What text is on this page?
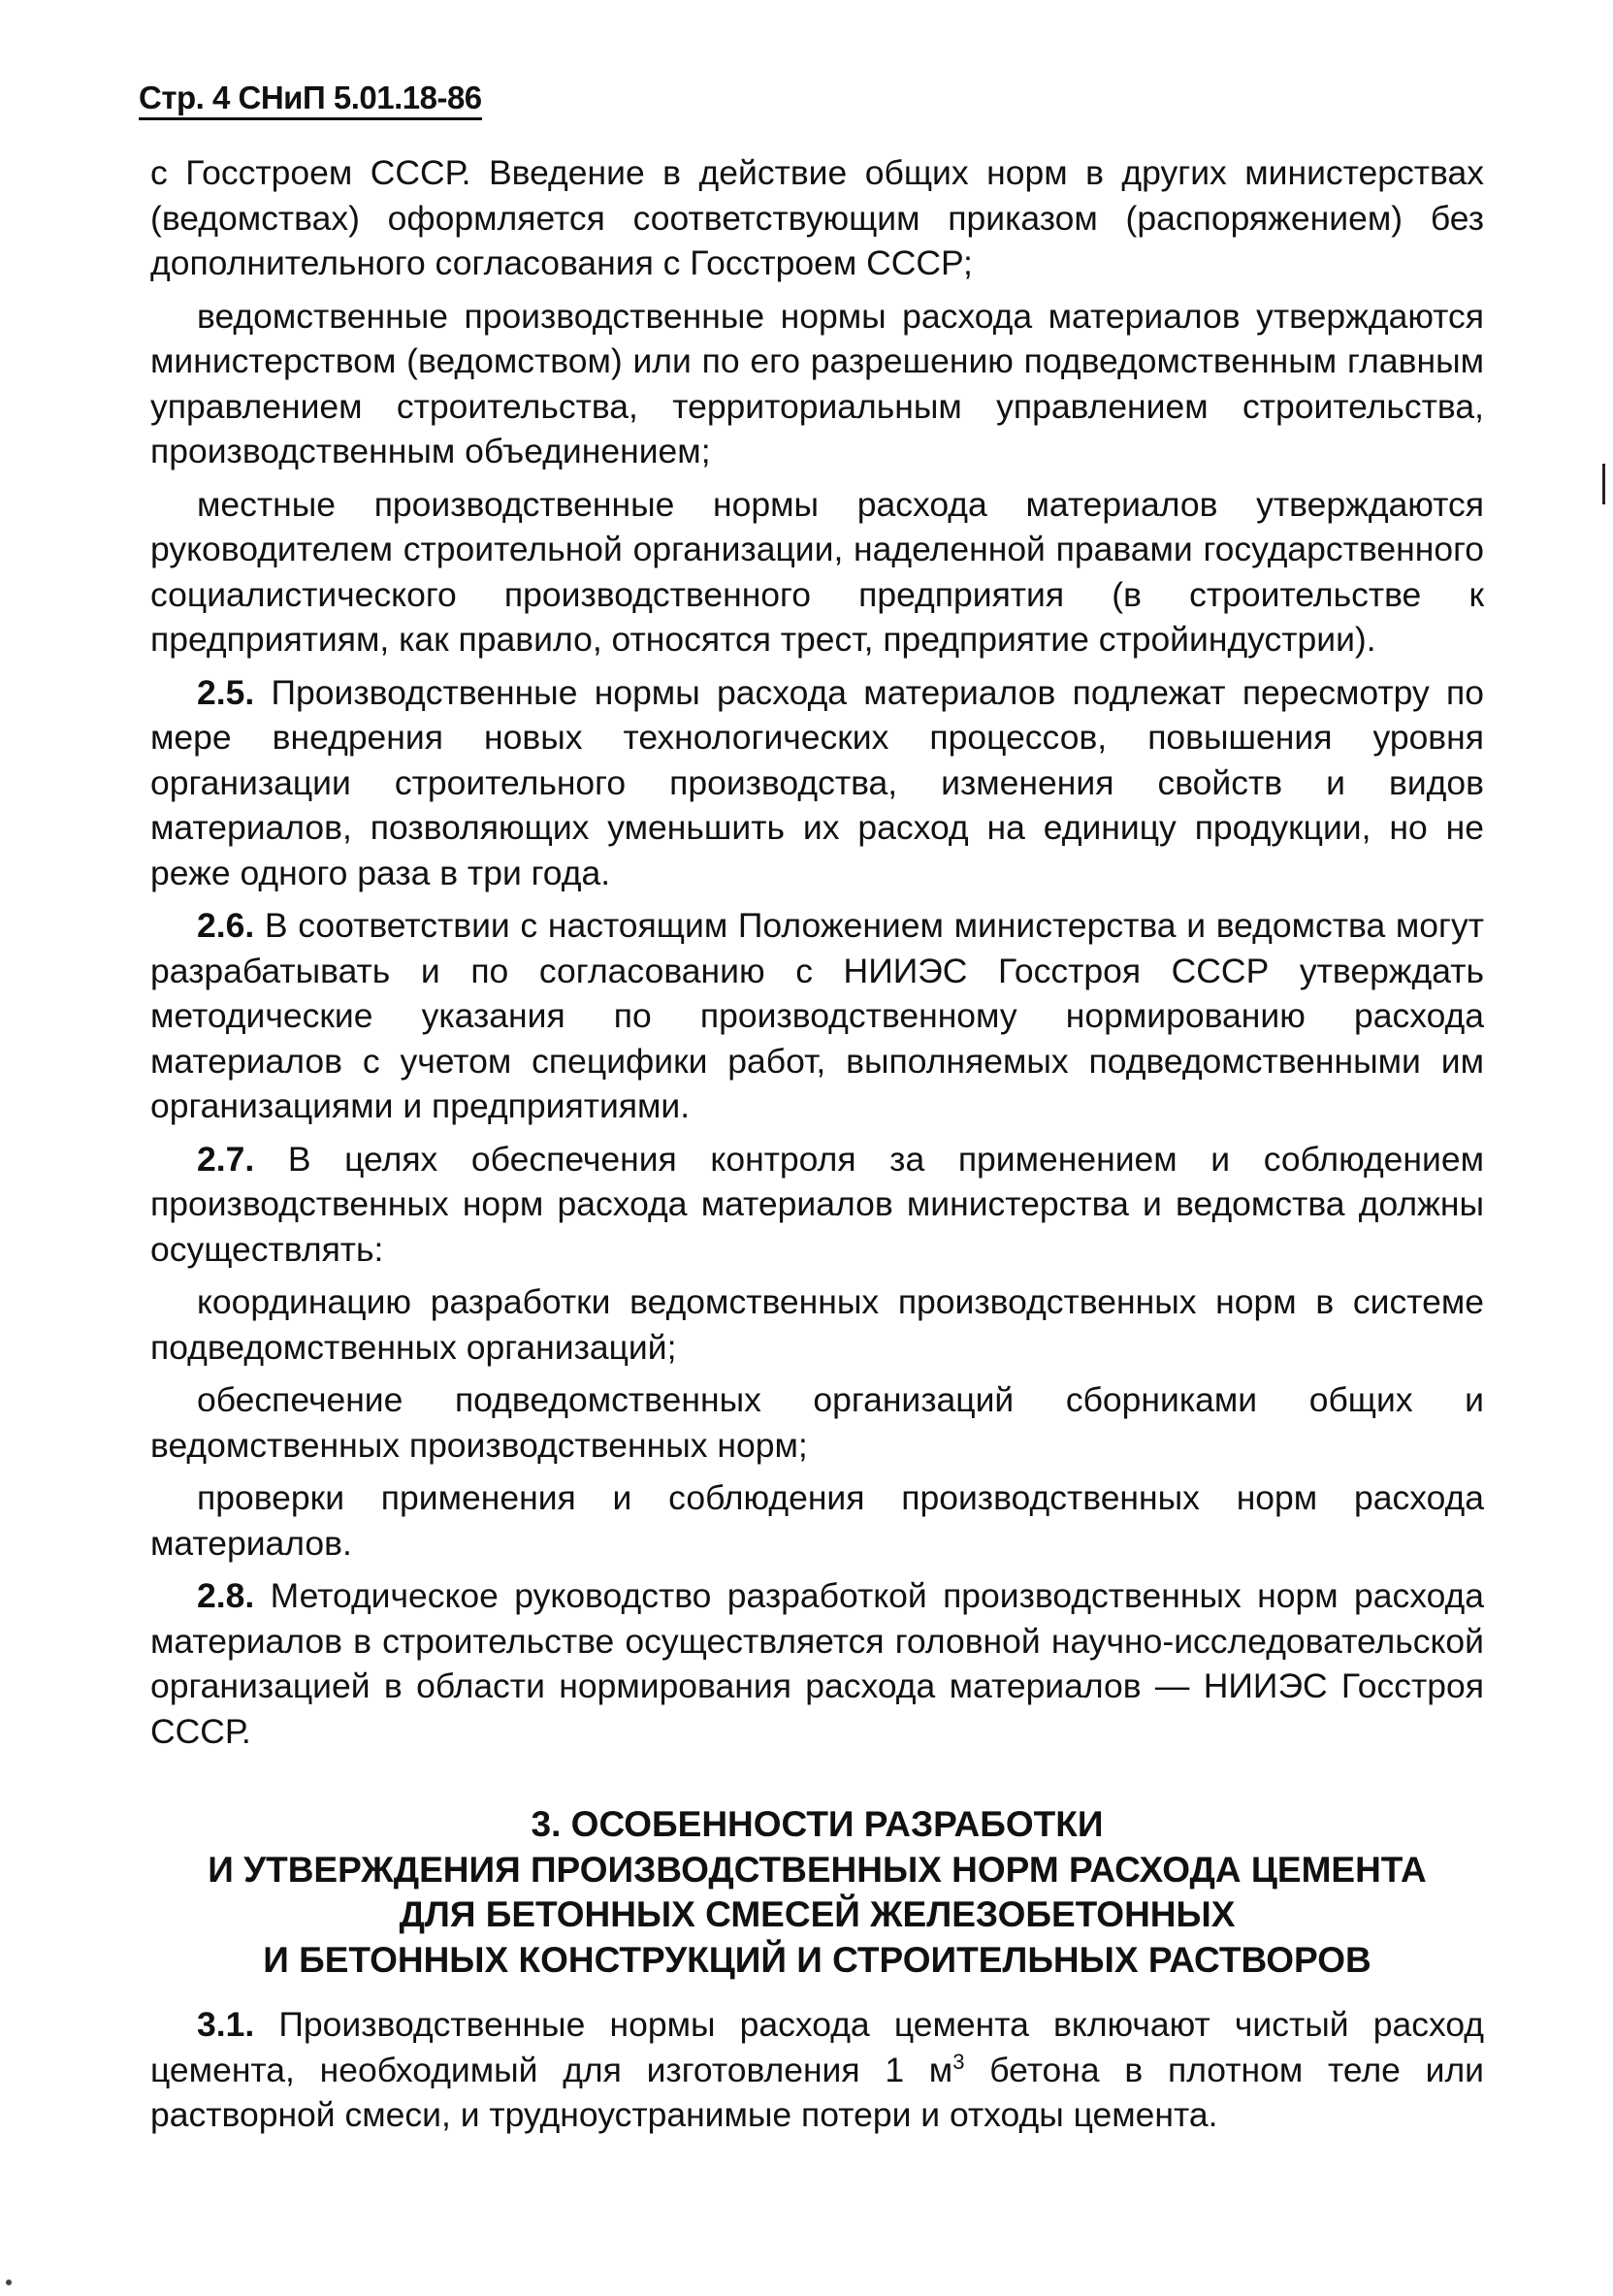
Стр. 4 СНиП 5.01.18-86

с Госстроем СССР. Введение в действие общих норм в других министерствах (ведомствах) оформляется соответствующим приказом (распоряжением) без дополнительного согласования с Госстроем СССР;

ведомственные производственные нормы расхода материалов утверждаются министерством (ведомством) или по его разрешению подведомственным главным управлением строительства, территориальным управлением строительства, производственным объединением;

местные производственные нормы расхода материалов утверждаются руководителем строительной организации, наделенной правами государственного социалистического производственного предприятия (в строительстве к предприятиям, как правило, относятся трест, предприятие стройиндустрии).

2.5. Производственные нормы расхода материалов подлежат пересмотру по мере внедрения новых технологических процессов, повышения уровня организации строительного производства, изменения свойств и видов материалов, позволяющих уменьшить их расход на единицу продукции, но не реже одного раза в три года.

2.6. В соответствии с настоящим Положением министерства и ведомства могут разрабатывать и по согласованию с НИИЭС Госстроя СССР утверждать методические указания по производственному нормированию расхода материалов с учетом специфики работ, выполняемых подведомственными им организациями и предприятиями.

2.7. В целях обеспечения контроля за применением и соблюдением производственных норм расхода материалов министерства и ведомства должны осуществлять:

координацию разработки ведомственных производственных норм в системе подведомственных организаций;

обеспечение подведомственных организаций сборниками общих и ведомственных производственных норм;

проверки применения и соблюдения производственных норм расхода материалов.

2.8. Методическое руководство разработкой производственных норм расхода материалов в строительстве осуществляется головной научно-исследовательской организацией в области нормирования расхода материалов — НИИЭС Госстроя СССР.

3. ОСОБЕННОСТИ РАЗРАБОТКИ
И УТВЕРЖДЕНИЯ ПРОИЗВОДСТВЕННЫХ НОРМ РАСХОДА ЦЕМЕНТА
ДЛЯ БЕТОННЫХ СМЕСЕЙ ЖЕЛЕЗОБЕТОННЫХ
И БЕТОННЫХ КОНСТРУКЦИЙ И СТРОИТЕЛЬНЫХ РАСТВОРОВ

3.1. Производственные нормы расхода цемента включают чистый расход цемента, необходимый для изготовления 1 $м^3$ бетона в плотном теле или растворной смеси, и трудноустранимые потери и отходы цемента.
